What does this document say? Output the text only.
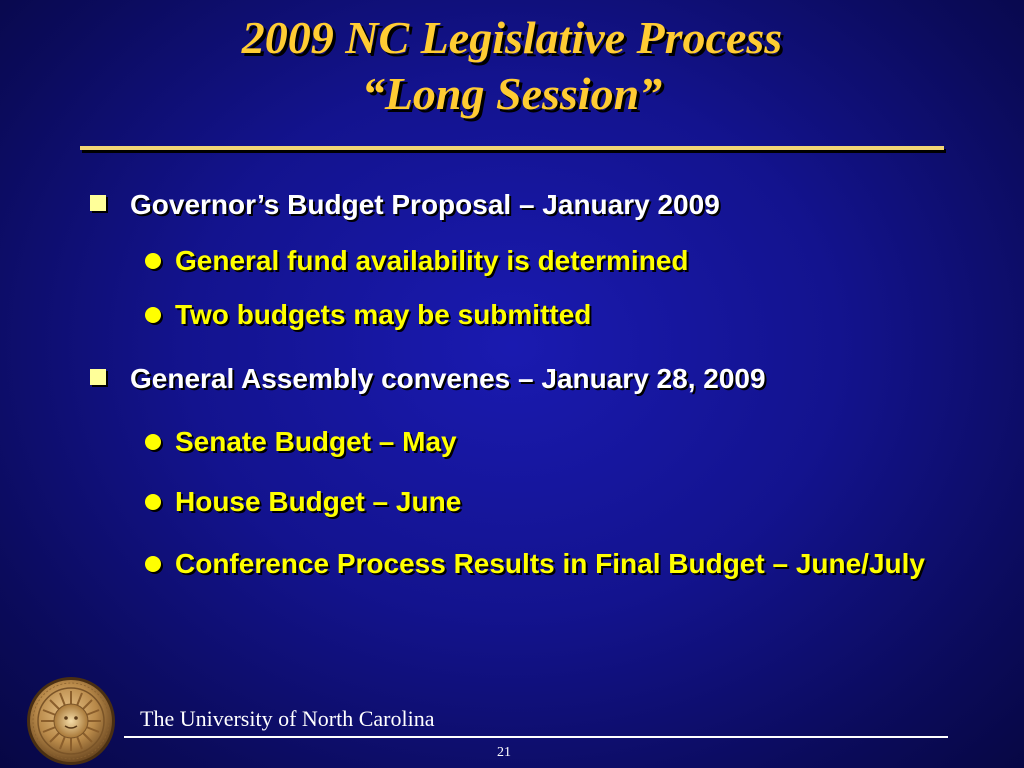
2009 NC Legislative Process
“Long Session”
Governor’s Budget Proposal – January 2009
General fund availability is determined
Two budgets may be submitted
General Assembly convenes – January 28, 2009
Senate Budget – May
House Budget – June
Conference Process Results in Final Budget – June/July
The University of North Carolina
21
